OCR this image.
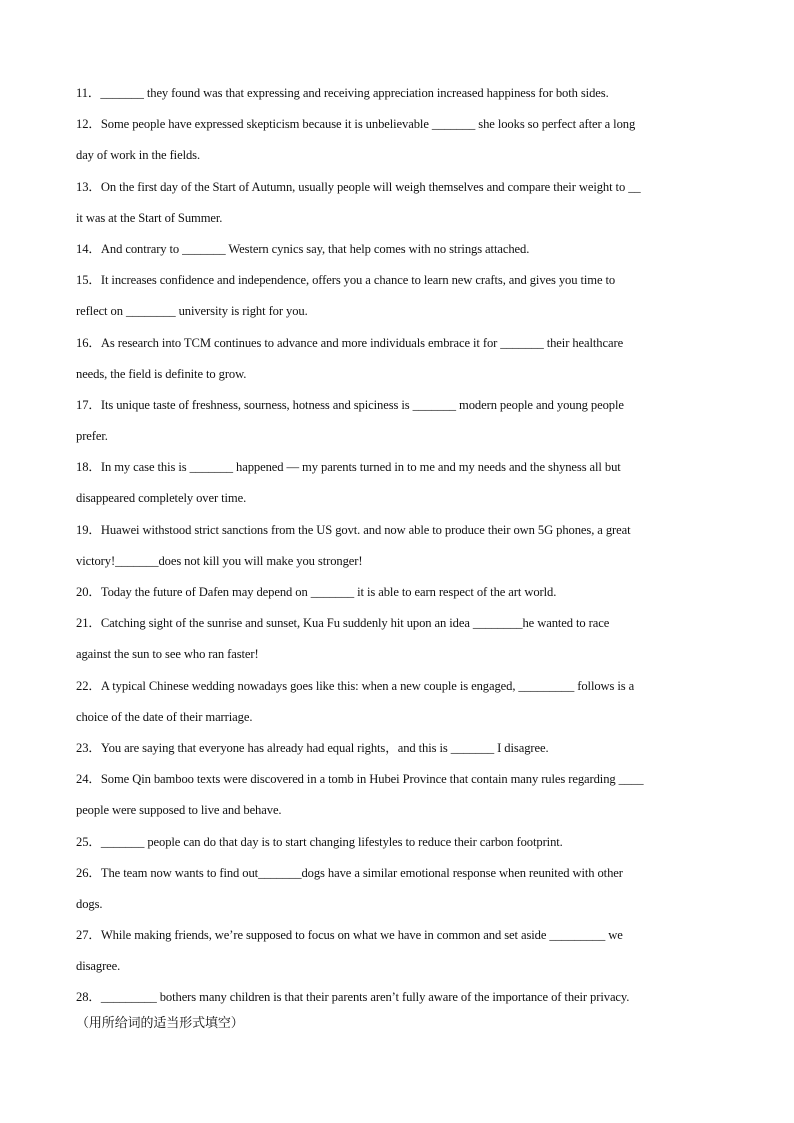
11．_______ they found was that expressing and receiving appreciation increased happiness for both sides.
12．Some people have expressed skepticism because it is unbelievable _______ she looks so perfect after a long
day of work in the fields.
13．On the first day of the Start of Autumn, usually people will weigh themselves and compare their weight to __
it was at the Start of Summer.
14．And contrary to _______ Western cynics say, that help comes with no strings attached.
15．It increases confidence and independence, offers you a chance to learn new crafts, and gives you time to
reflect on ________ university is right for you.
16．As research into TCM continues to advance and more individuals embrace it for _______ their healthcare
needs, the field is definite to grow.
17．Its unique taste of freshness, sourness, hotness and spiciness is _______ modern people and young people
prefer.
18．In my case this is _______ happened — my parents turned in to me and my needs and the shyness all but
disappeared completely over time.
19．Huawei withstood strict sanctions from the US govt. and now able to produce their own 5G phones, a great
victory!_______does not kill you will make you stronger!
20．Today the future of Dafen may depend on _______ it is able to earn respect of the art world.
21．Catching sight of the sunrise and sunset, Kua Fu suddenly hit upon an idea ________he wanted to race
against the sun to see who ran faster!
22．A typical Chinese wedding nowadays goes like this: when a new couple is engaged, _________ follows is a
choice of the date of their marriage.
23．You are saying that everyone has already had equal rights，and this is _______ I disagree.
24．Some Qin bamboo texts were discovered in a tomb in Hubei Province that contain many rules regarding ____
people were supposed to live and behave.
25．_______ people can do that day is to start changing lifestyles to reduce their carbon footprint.
26．The team now wants to find out_______dogs have a similar emotional response when reunited with other
dogs.
27．While making friends, we’re supposed to focus on what we have in common and set aside _________ we
disagree.
28．_________ bothers many children is that their parents aren’t fully aware of the importance of their privacy.
（用所给词的适当形式填空）
